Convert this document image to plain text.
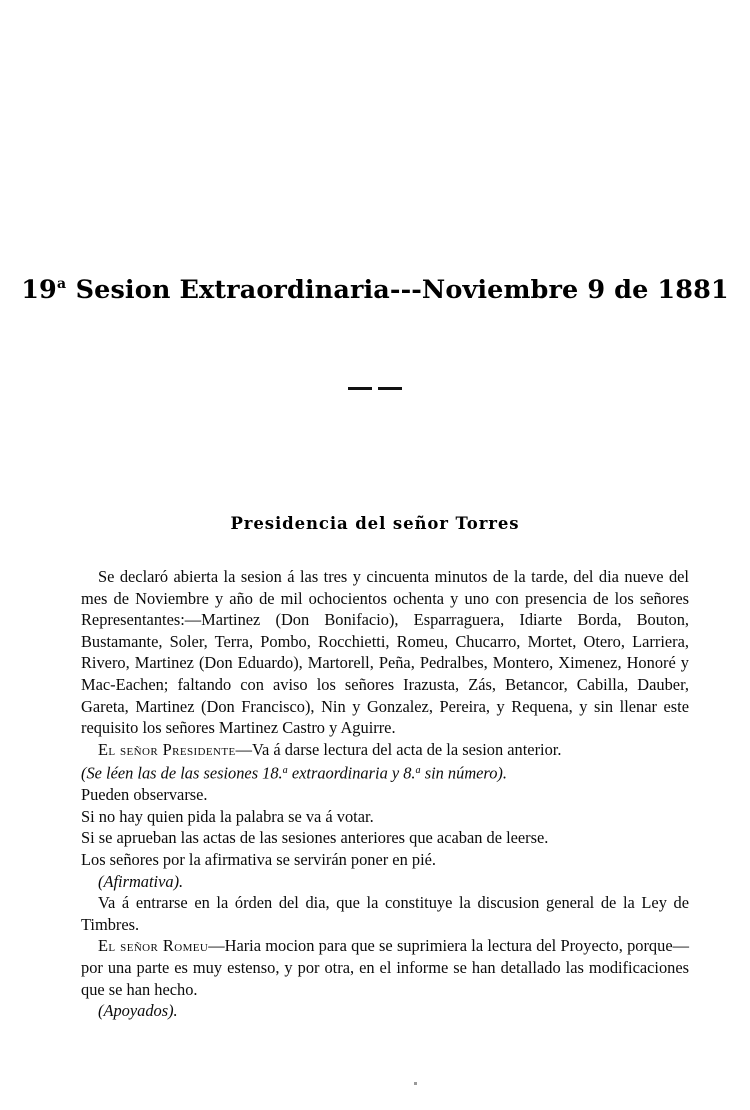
19$^a$ Sesion Extraordinaria---Noviembre 9 de 1881
Presidencia del señor Torres

Se declaró abierta la sesion á las tres y cincuenta minutos de la tarde, del dia nueve del mes de Noviembre y año de mil ochocientos ochenta y uno con presencia de los señores Representantes:—Martinez (Don Bonifacio), Esparraguera, Idiarte Borda, Bouton, Bustamante, Soler, Terra, Pombo, Rocchietti, Romeu, Chucarro, Mortet, Otero, Larriera, Rivero, Martinez (Don Eduardo), Martorell, Peña, Pedralbes, Montero, Ximenez, Honoré y Mac-Eachen; faltando con aviso los señores Irazusta, Zás, Betancor, Cabilla, Dauber, Gareta, Martinez (Don Francisco), Nin y Gonzalez, Pereira, y Requena, y sin llenar este requisito los señores Martinez Castro y Aguirre.

El señor Presidente—Va á darse lectura del acta de la sesion anterior.

(Se léen las de las sesiones 18.$^a$ extraordinaria y 8.$^a$ sin número).

Pueden observarse.

Si no hay quien pida la palabra se va á votar.

Si se aprueban las actas de las sesiones anteriores que acaban de leerse.

Los señores por la afirmativa se servirán poner en pié.

(Afirmativa).

Va á entrarse en la órden del dia, que la constituye la discusion general de la Ley de Timbres.

El señor Romeu—Haria mocion para que se suprimiera la lectura del Proyecto, porque—por una parte es muy estenso, y por otra, en el informe se han detallado las modificaciones que se han hecho.

(Apoyados).
